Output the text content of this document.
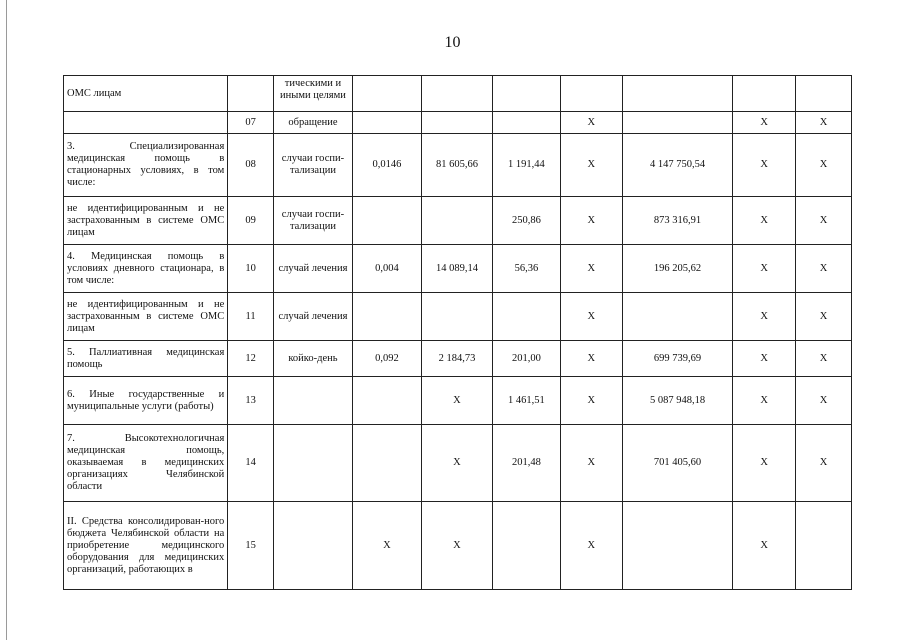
10
ОМС лицам		тическими и иными целями							
	07	обращение				X		X	X
3. Специализированная медицинская помощь в стационарных условиях, в том числе:	08	случаи госпи-тализации	0,0146	81 605,66	1 191,44	X	4 147 750,54	X	X
не идентифицированным и не застрахованным в системе ОМС лицам	09	случаи госпи-тализации			250,86	X	873 316,91	X	X
4. Медицинская помощь в условиях дневного стационара, в том числе:	10	случай лечения	0,004	14 089,14	56,36	X	196 205,62	X	X
не идентифицированным и не застрахованным в системе ОМС лицам	11	случай лечения				X		X	X
5. Паллиативная медицинская помощь	12	койко-день	0,092	2 184,73	201,00	X	699 739,69	X	X
6. Иные государственные и муниципальные услуги (работы)	13			X	1 461,51	X	5 087 948,18	X	X
7. Высокотехнологичная медицинская помощь, оказываемая в медицинских организациях Челябинской области	14			X	201,48	X	701 405,60	X	X
II. Средства консолидирован-ного бюджета Челябинской области на приобретение медицинского оборудования для медицинских организаций, работающих в	15		X	X		X		X	
